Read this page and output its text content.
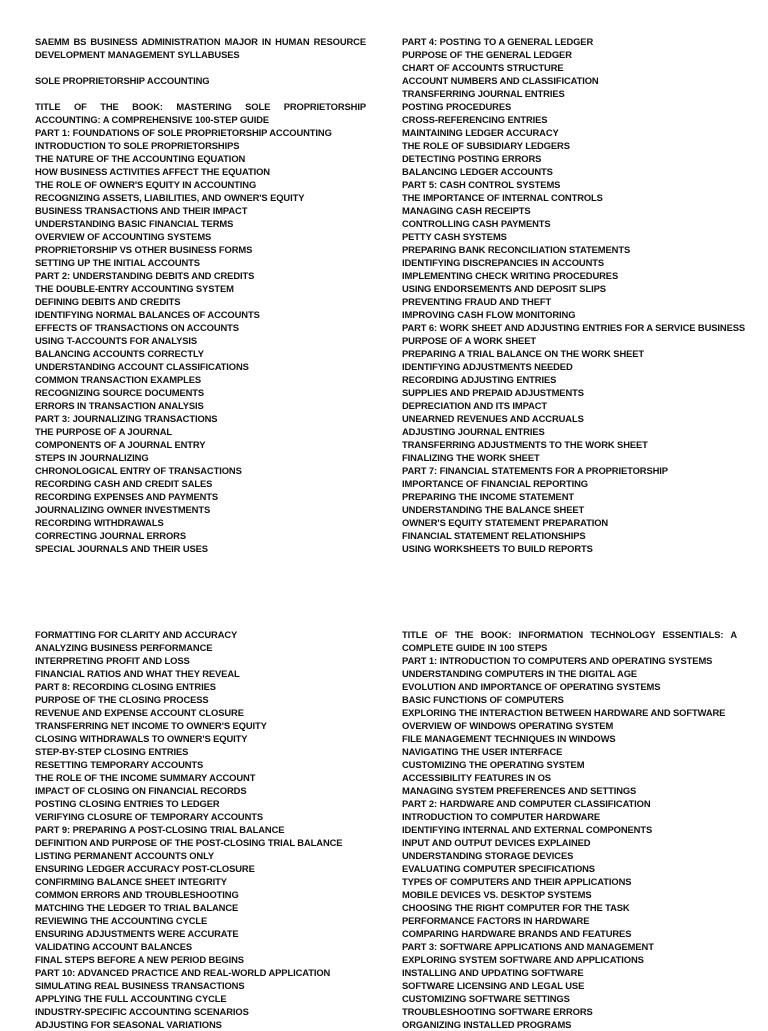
SAEMM BS BUSINESS ADMINISTRATION MAJOR IN HUMAN RESOURCE DEVELOPMENT MANAGEMENT SYLLABUSES
SOLE PROPRIETORSHIP ACCOUNTING
TITLE OF THE BOOK: MASTERING SOLE PROPRIETORSHIP ACCOUNTING: A COMPREHENSIVE 100-STEP GUIDE
PART 1: FOUNDATIONS OF SOLE PROPRIETORSHIP ACCOUNTING
INTRODUCTION TO SOLE PROPRIETORSHIPS
THE NATURE OF THE ACCOUNTING EQUATION
HOW BUSINESS ACTIVITIES AFFECT THE EQUATION
THE ROLE OF OWNER'S EQUITY IN ACCOUNTING
RECOGNIZING ASSETS, LIABILITIES, AND OWNER'S EQUITY
BUSINESS TRANSACTIONS AND THEIR IMPACT
UNDERSTANDING BASIC FINANCIAL TERMS
OVERVIEW OF ACCOUNTING SYSTEMS
PROPRIETORSHIP VS OTHER BUSINESS FORMS
SETTING UP THE INITIAL ACCOUNTS
PART 2: UNDERSTANDING DEBITS AND CREDITS
THE DOUBLE-ENTRY ACCOUNTING SYSTEM
DEFINING DEBITS AND CREDITS
IDENTIFYING NORMAL BALANCES OF ACCOUNTS
EFFECTS OF TRANSACTIONS ON ACCOUNTS
USING T-ACCOUNTS FOR ANALYSIS
BALANCING ACCOUNTS CORRECTLY
UNDERSTANDING ACCOUNT CLASSIFICATIONS
COMMON TRANSACTION EXAMPLES
RECOGNIZING SOURCE DOCUMENTS
ERRORS IN TRANSACTION ANALYSIS
PART 3: JOURNALIZING TRANSACTIONS
THE PURPOSE OF A JOURNAL
COMPONENTS OF A JOURNAL ENTRY
STEPS IN JOURNALIZING
CHRONOLOGICAL ENTRY OF TRANSACTIONS
RECORDING CASH AND CREDIT SALES
RECORDING EXPENSES AND PAYMENTS
JOURNALIZING OWNER INVESTMENTS
RECORDING WITHDRAWALS
CORRECTING JOURNAL ERRORS
SPECIAL JOURNALS AND THEIR USES
PART 4: POSTING TO A GENERAL LEDGER
PURPOSE OF THE GENERAL LEDGER
CHART OF ACCOUNTS STRUCTURE
ACCOUNT NUMBERS AND CLASSIFICATION
TRANSFERRING JOURNAL ENTRIES
POSTING PROCEDURES
CROSS-REFERENCING ENTRIES
MAINTAINING LEDGER ACCURACY
THE ROLE OF SUBSIDIARY LEDGERS
DETECTING POSTING ERRORS
BALANCING LEDGER ACCOUNTS
PART 5: CASH CONTROL SYSTEMS
THE IMPORTANCE OF INTERNAL CONTROLS
MANAGING CASH RECEIPTS
CONTROLLING CASH PAYMENTS
PETTY CASH SYSTEMS
PREPARING BANK RECONCILIATION STATEMENTS
IDENTIFYING DISCREPANCIES IN ACCOUNTS
IMPLEMENTING CHECK WRITING PROCEDURES
USING ENDORSEMENTS AND DEPOSIT SLIPS
PREVENTING FRAUD AND THEFT
IMPROVING CASH FLOW MONITORING
PART 6: WORK SHEET AND ADJUSTING ENTRIES FOR A SERVICE BUSINESS
PURPOSE OF A WORK SHEET
PREPARING A TRIAL BALANCE ON THE WORK SHEET
IDENTIFYING ADJUSTMENTS NEEDED
RECORDING ADJUSTING ENTRIES
SUPPLIES AND PREPAID ADJUSTMENTS
DEPRECIATION AND ITS IMPACT
UNEARNED REVENUES AND ACCRUALS
ADJUSTING JOURNAL ENTRIES
TRANSFERRING ADJUSTMENTS TO THE WORK SHEET
FINALIZING THE WORK SHEET
PART 7: FINANCIAL STATEMENTS FOR A PROPRIETORSHIP
IMPORTANCE OF FINANCIAL REPORTING
PREPARING THE INCOME STATEMENT
UNDERSTANDING THE BALANCE SHEET
OWNER'S EQUITY STATEMENT PREPARATION
FINANCIAL STATEMENT RELATIONSHIPS
USING WORKSHEETS TO BUILD REPORTS
FORMATTING FOR CLARITY AND ACCURACY
ANALYZING BUSINESS PERFORMANCE
INTERPRETING PROFIT AND LOSS
FINANCIAL RATIOS AND WHAT THEY REVEAL
PART 8: RECORDING CLOSING ENTRIES
PURPOSE OF THE CLOSING PROCESS
REVENUE AND EXPENSE ACCOUNT CLOSURE
TRANSFERRING NET INCOME TO OWNER'S EQUITY
CLOSING WITHDRAWALS TO OWNER'S EQUITY
STEP-BY-STEP CLOSING ENTRIES
RESETTING TEMPORARY ACCOUNTS
THE ROLE OF THE INCOME SUMMARY ACCOUNT
IMPACT OF CLOSING ON FINANCIAL RECORDS
POSTING CLOSING ENTRIES TO LEDGER
VERIFYING CLOSURE OF TEMPORARY ACCOUNTS
PART 9: PREPARING A POST-CLOSING TRIAL BALANCE
DEFINITION AND PURPOSE OF THE POST-CLOSING TRIAL BALANCE
LISTING PERMANENT ACCOUNTS ONLY
ENSURING LEDGER ACCURACY POST-CLOSURE
CONFIRMING BALANCE SHEET INTEGRITY
COMMON ERRORS AND TROUBLESHOOTING
MATCHING THE LEDGER TO TRIAL BALANCE
REVIEWING THE ACCOUNTING CYCLE
ENSURING ADJUSTMENTS WERE ACCURATE
VALIDATING ACCOUNT BALANCES
FINAL STEPS BEFORE A NEW PERIOD BEGINS
PART 10: ADVANCED PRACTICE AND REAL-WORLD APPLICATION
SIMULATING REAL BUSINESS TRANSACTIONS
APPLYING THE FULL ACCOUNTING CYCLE
INDUSTRY-SPECIFIC ACCOUNTING SCENARIOS
ADJUSTING FOR SEASONAL VARIATIONS
TITLE OF THE BOOK: INFORMATION TECHNOLOGY ESSENTIALS: A COMPLETE GUIDE IN 100 STEPS
PART 1: INTRODUCTION TO COMPUTERS AND OPERATING SYSTEMS
UNDERSTANDING COMPUTERS IN THE DIGITAL AGE
EVOLUTION AND IMPORTANCE OF OPERATING SYSTEMS
BASIC FUNCTIONS OF COMPUTERS
EXPLORING THE INTERACTION BETWEEN HARDWARE AND SOFTWARE
OVERVIEW OF WINDOWS OPERATING SYSTEM
FILE MANAGEMENT TECHNIQUES IN WINDOWS
NAVIGATING THE USER INTERFACE
CUSTOMIZING THE OPERATING SYSTEM
ACCESSIBILITY FEATURES IN OS
MANAGING SYSTEM PREFERENCES AND SETTINGS
PART 2: HARDWARE AND COMPUTER CLASSIFICATION
INTRODUCTION TO COMPUTER HARDWARE
IDENTIFYING INTERNAL AND EXTERNAL COMPONENTS
INPUT AND OUTPUT DEVICES EXPLAINED
UNDERSTANDING STORAGE DEVICES
EVALUATING COMPUTER SPECIFICATIONS
TYPES OF COMPUTERS AND THEIR APPLICATIONS
MOBILE DEVICES VS. DESKTOP SYSTEMS
CHOOSING THE RIGHT COMPUTER FOR THE TASK
PERFORMANCE FACTORS IN HARDWARE
COMPARING HARDWARE BRANDS AND FEATURES
PART 3: SOFTWARE APPLICATIONS AND MANAGEMENT
EXPLORING SYSTEM SOFTWARE AND APPLICATIONS
INSTALLING AND UPDATING SOFTWARE
SOFTWARE LICENSING AND LEGAL USE
CUSTOMIZING SOFTWARE SETTINGS
TROUBLESHOOTING SOFTWARE ERRORS
ORGANIZING INSTALLED PROGRAMS
